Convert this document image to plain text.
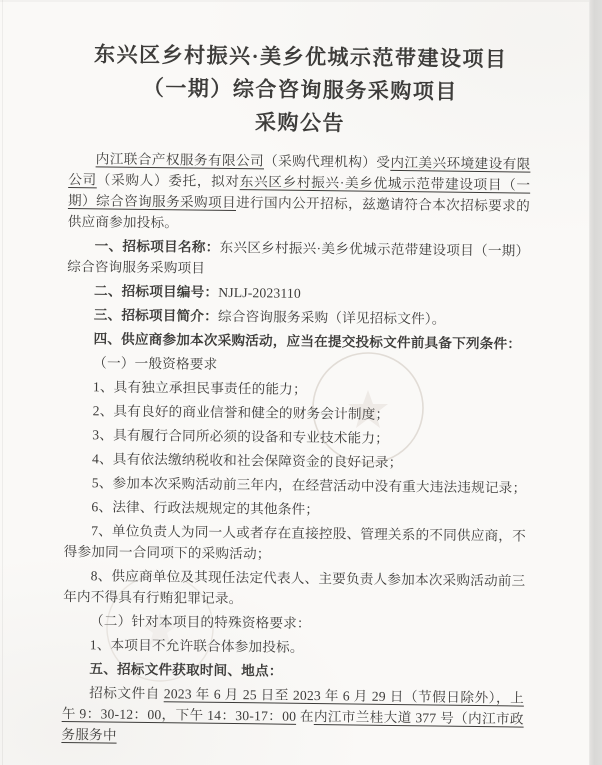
东兴区乡村振兴·美乡优城示范带建设项目
（一期）综合咨询服务采购项目
采购公告

内江联合产权服务有限公司（采购代理机构）受内江美兴环境建设有限公司（采购人）委托，拟对东兴区乡村振兴·美乡优城示范带建设项目（一期）综合咨询服务采购项目进行国内公开招标，兹邀请符合本次招标要求的供应商参加投标。

一、招标项目名称：东兴区乡村振兴·美乡优城示范带建设项目（一期）综合咨询服务采购项目

二、招标项目编号：NJLJ-2023110

三、招标项目简介：综合咨询服务采购（详见招标文件）。

四、供应商参加本次采购活动，应当在提交投标文件前具备下列条件：

（一）一般资格要求

1、具有独立承担民事责任的能力；

2、具有良好的商业信誉和健全的财务会计制度；

3、具有履行合同所必须的设备和专业技术能力；

4、具有依法缴纳税收和社会保障资金的良好记录；

5、参加本次采购活动前三年内，在经营活动中没有重大违法违规记录；

6、法律、行政法规规定的其他条件；

7、单位负责人为同一人或者存在直接控股、管理关系的不同供应商，不得参加同一合同项下的采购活动；

8、供应商单位及其现任法定代表人、主要负责人参加本次采购活动前三年内不得具有行贿犯罪记录。

（二）针对本项目的特殊资格要求：

1、本项目不允许联合体参加投标。

五、招标文件获取时间、地点：

招标文件自 2023 年 6 月 25 日至 2023 年 6 月 29 日（节假日除外），上午 9：30-12：00，下午 14：30-17：00 在内江市兰桂大道 377 号（内江市政务服务中
